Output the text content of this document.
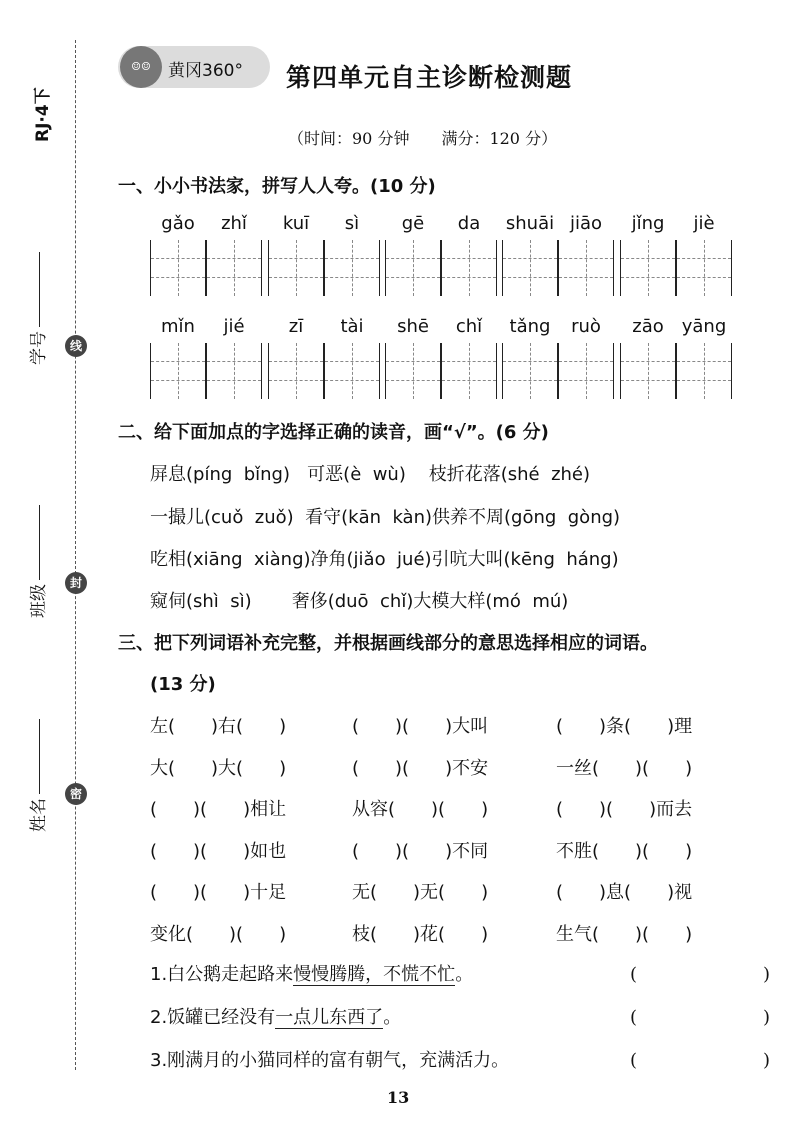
RJ·4下
学号
班级
姓名
线
封
密
☺☺	黄冈360° 第四单元自主诊断检测题
（时间：90 分钟　　满分：120 分）
一、小小书法家，拼写人人夸。(10 分)
gǎo	zhǐ	kuī	sì	gē	da	shuāi jiāo	jǐng	jiè
mǐn	jié	zī	tài	shē	chǐ	tǎng	ruò	zāo yāng
二、给下面加点的字选择正确的读音，画“√”。(6 分)
屏息(píng  bǐng)   可恶(è  wù)    枝折花落(shé  zhé)
一撮儿(cuǒ  zuǒ)  看守(kān  kàn)供养不周(gōng  gòng)
吃相(xiāng  xiàng)净角(jiǎo  jué)引吭大叫(kēng  háng)
窥伺(shì  sì)       奢侈(duō  chǐ)大模大样(mó  mú)
三、把下列词语补充完整，并根据画线部分的意思选择相应的词语。
(13 分)
左(　　)右(　　)	(　　)(　　)大叫	(　　)条(　　)理
大(　　)大(　　)	(　　)(　　)不安	一丝(　　)(　　)
(　　)(　　)相让	从容(　　)(　　)	(　　)(　　)而去
(　　)(　　)如也	(　　)(　　)不同	不胜(　　)(　　)
(　　)(　　)十足	无(　　)无(　　)	(　　)息(　　)视
变化(　　)(　　)	枝(　　)花(　　)	生气(　　)(　　)
1.白公鹅走起路来慢慢腾腾，不慌不忙。	(　　　　　　　)
2.饭罐已经没有一点儿东西了。	(　　　　　　　)
3.刚满月的小猫同样的富有朝气，充满活力。	(　　　　　　　)
13
